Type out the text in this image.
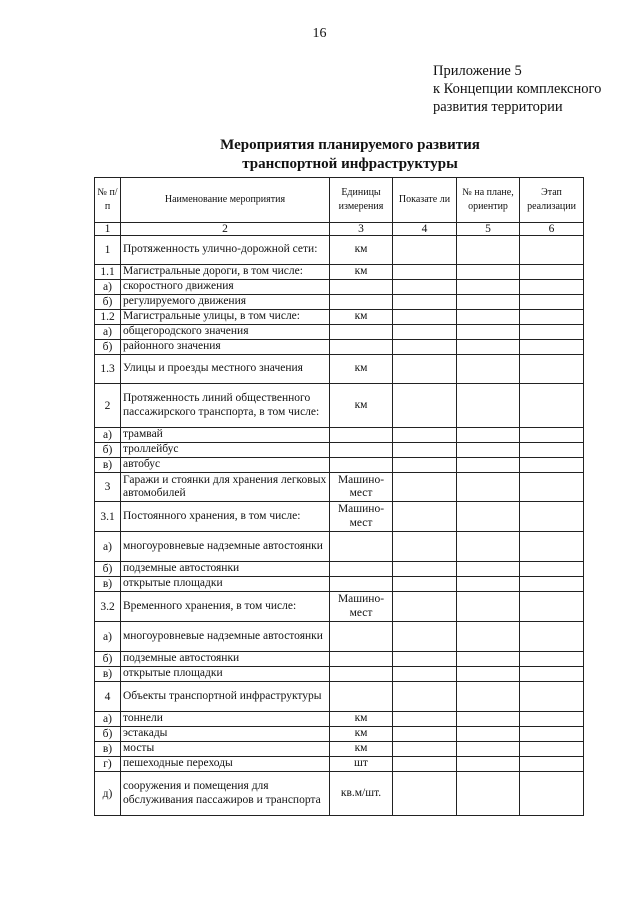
16
Приложение 5
к Концепции комплексного
развития территории
Мероприятия планируемого развития
транспортной инфраструктуры
№ п/п	Наименование мероприятия	Единицы измерения	Показате ли	№ на плане, ориентир	Этап реализации
1	2	3	4	5	6
1	Протяженность улично-дорожной сети:	км			
1.1	Магистральные дороги, в том числе:	км			
а)	скоростного движения				
б)	регулируемого движения				
1.2	Магистральные улицы, в том числе:	км			
а)	общегородского значения				
б)	районного значения				
1.3	Улицы и проезды местного значения	км			
2	Протяженность линий общественного пассажирского транспорта, в том числе:	км			
а)	трамвай				
б)	троллейбус				
в)	автобус				
3	Гаражи и стоянки для хранения легковых автомобилей	Машино-мест			
3.1	Постоянного хранения, в том числе:	Машино-мест			
а)	многоуровневые надземные автостоянки				
б)	подземные автостоянки				
в)	открытые площадки				
3.2	Временного хранения, в том числе:	Машино-мест			
а)	многоуровневые надземные автостоянки				
б)	подземные автостоянки				
в)	открытые площадки				
4	Объекты транспортной инфраструктуры				
а)	тоннели	км			
б)	эстакады	км			
в)	мосты	км			
г)	пешеходные переходы	шт			
д)	сооружения и помещения для обслуживания пассажиров и транспорта	кв.м/шт.			
